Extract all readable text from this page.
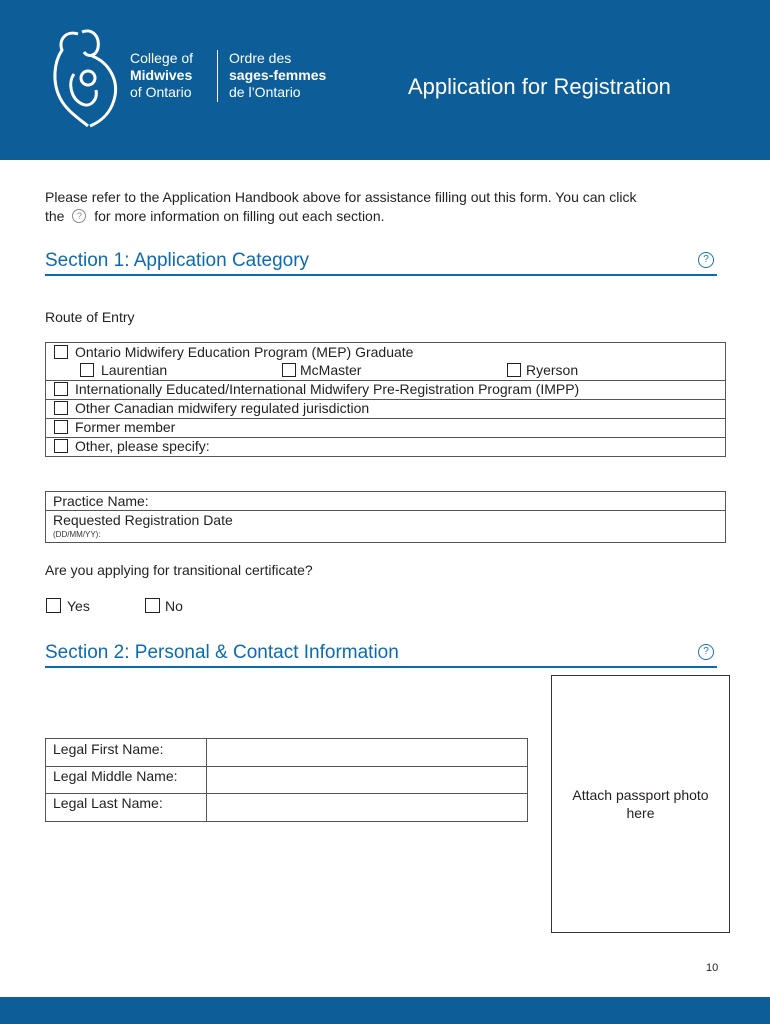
College of
Midwives
of Ontario
Ordre des
sages-femmes
de l’Ontario	Application for Registration
Please refer to the Application Handbook above for assistance filling out this form. You can click
the ? for more information on filling out each section.
Section 1: Application Category	?
Route of Entry
Ontario Midwifery Education Program (MEP) Graduate
Laurentian	McMaster	Ryerson
Internationally Educated/International Midwifery Pre-Registration Program (IMPP)
Other Canadian midwifery regulated jurisdiction
Former member
Other, please specify:
Practice Name:
Requested Registration Date
(DD/MM/YY):
Are you applying for transitional certificate?
Yes	No
Section 2: Personal & Contact Information	?
Legal First Name:
Legal Middle Name:
Legal Last Name:	Attach passport photo
here
10
